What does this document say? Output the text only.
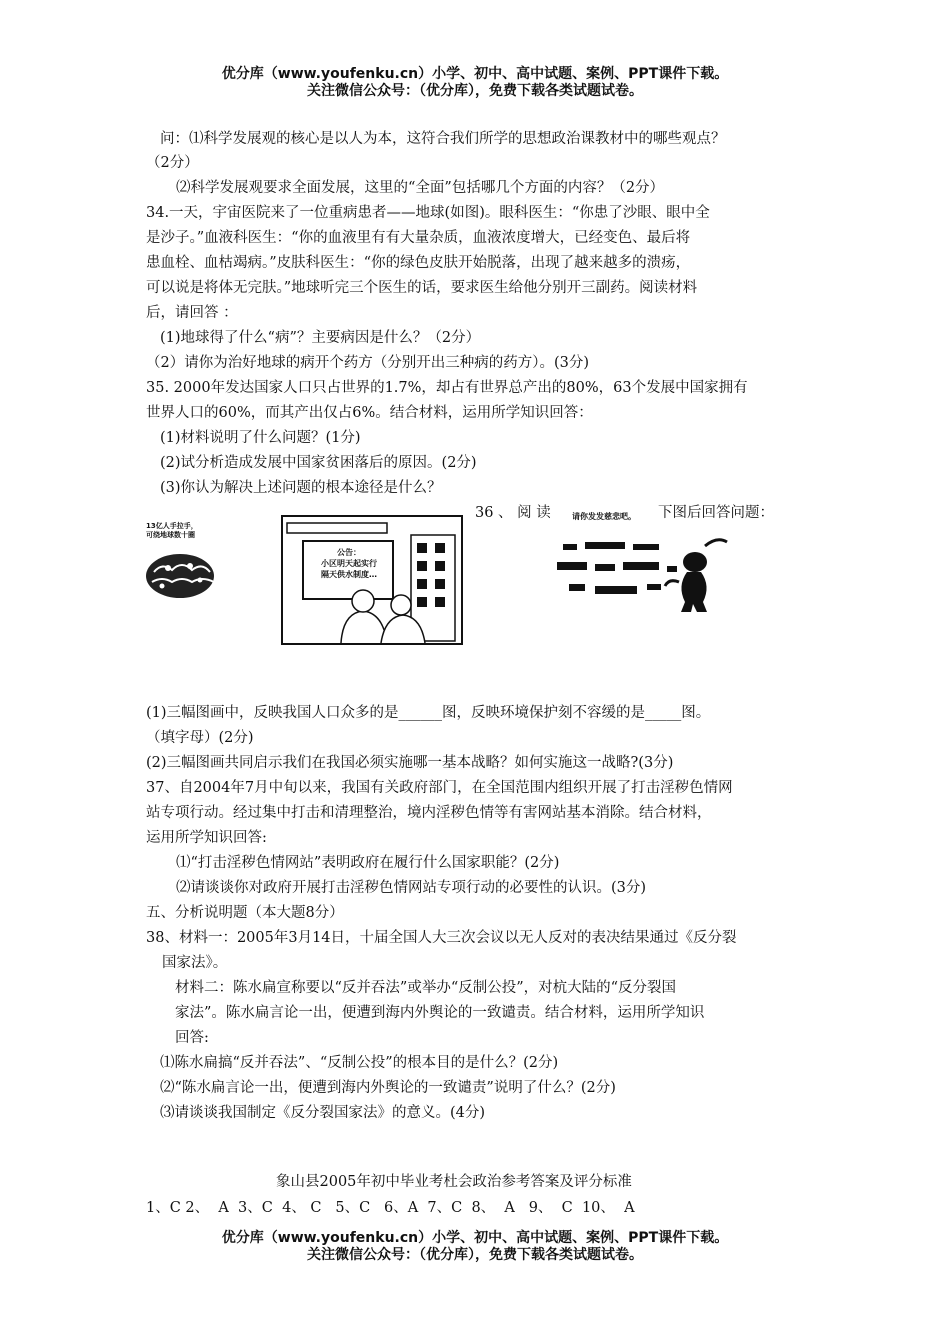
优分库（www.youfenku.cn）小学、初中、高中试题、案例、PPT课件下载。
关注微信公众号：（优分库），免费下载各类试题试卷。
问：⑴科学发展观的核心是以人为本，这符合我们所学的思想政治课教材中的哪些观点？
（2分）
⑵科学发展观要求全面发展，这里的“全面”包括哪几个方面的内容？（2分）
34.一天，宇宙医院来了一位重病患者——地球(如图)。眼科医生：“你患了沙眼、眼中全
是沙子。”血液科医生：“你的血液里有有大量杂质，血液浓度增大，已经变色、最后将
患血栓、血枯竭病。”皮肤科医生：“你的绿色皮肤开始脱落，出现了越来越多的溃疡，
可以说是将体无完肤。”地球听完三个医生的话，要求医生给他分别开三副药。阅读材料
后，请回答 ：
(1)地球得了什么“病”？主要病因是什么？（2分）
（2）请你为治好地球的病开个药方（分别开出三种病的药方）。(3分)
35. 2000年发达国家人口只占世界的1.7%，却占有世界总产出的80%，63个发展中国家拥有
世界人口的60%，而其产出仅占6%。结合材料，运用所学知识回答：
(1)材料说明了什么问题？(1分)
(2)试分析造成发展中国家贫困落后的原因。(2分)
(3)你认为解决上述问题的根本途径是什么？
36 、 阅 读	下图后回答问题：
13亿人手拉手，
可绕地球数十圈
公告：
小区明天起实行
隔天供水制度…
请你发发慈悲吧。
(1)三幅图画中，反映我国人口众多的是______图，反映环境保护刻不容缓的是_____图。
（填字母）(2分)
(2)三幅图画共同启示我们在我国必须实施哪一基本战略？如何实施这一战略?(3分)
37、自2004年7月中旬以来，我国有关政府部门，在全国范围内组织开展了打击淫秽色情网
站专项行动。经过集中打击和清理整治，境内淫秽色情等有害网站基本消除。结合材料，
运用所学知识回答:
⑴“打击淫秽色情网站”表明政府在履行什么国家职能？(2分)
⑵请谈谈你对政府开展打击淫秽色情网站专项行动的必要性的认识。(3分)
五、分析说明题（本大题8分）
38、材料一：2005年3月14日，十届全国人大三次会议以无人反对的表决结果通过《反分裂
国家法》。
材料二：陈水扁宣称要以“反并吞法”或举办“反制公投”，对杭大陆的“反分裂国
家法”。陈水扁言论一出，便遭到海内外舆论的一致谴责。结合材料，运用所学知识
回答:
⑴陈水扁搞“反并吞法”、“反制公投”的根本目的是什么？(2分)
⑵“陈水扁言论一出，便遭到海内外舆论的一致谴责”说明了什么？(2分)
⑶请谈谈我国制定《反分裂国家法》的意义。(4分)
象山县2005年初中毕业考杜会政治参考答案及评分标准
1、C 2、  A  3、C  4、 C   5、C   6、A  7、C  8、  A   9、  C  10、  A
优分库（www.youfenku.cn）小学、初中、高中试题、案例、PPT课件下载。
关注微信公众号：（优分库），免费下载各类试题试卷。
